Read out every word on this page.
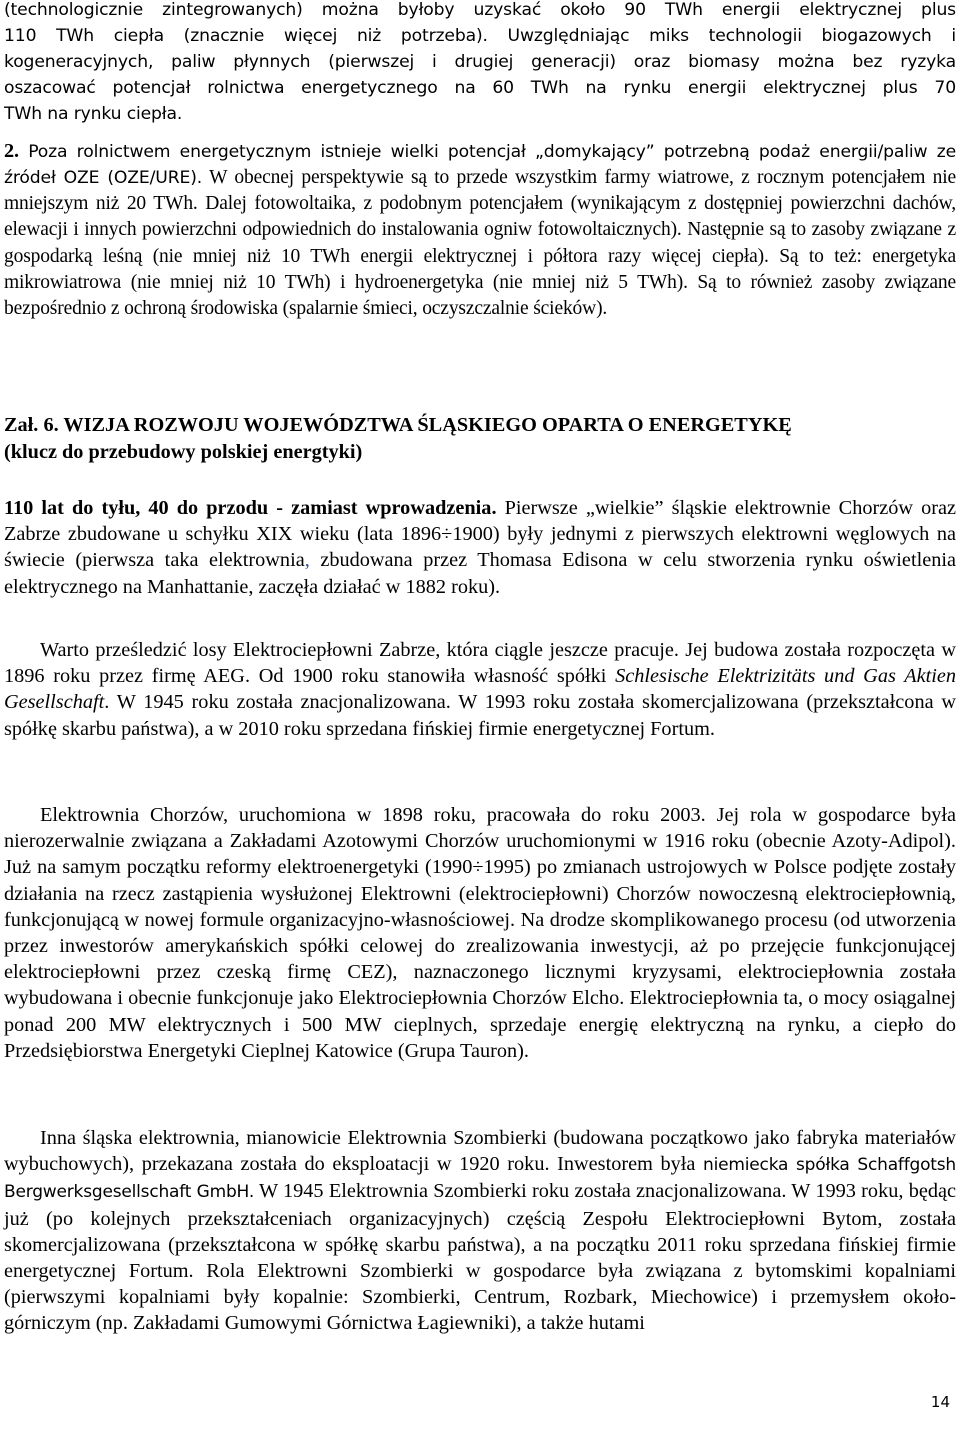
(technologicznie zintegrowanych) można byłoby uzyskać około 90 TWh energii elektrycznej plus

110 TWh ciepła (znacznie więcej niż potrzeba). Uwzględniając miks technologii biogazowych i

kogeneracyjnych, paliw płynnych (pierwszej i drugiej generacji) oraz biomasy można bez ryzyka

oszacować potencjał rolnictwa energetycznego na 60 TWh na rynku energii elektrycznej plus 70

TWh na rynku ciepła.

2. Poza rolnictwem energetycznym istnieje wielki potencjał „domykający” potrzebną podaż energii/paliw ze źródeł OZE (OZE/URE). W obecnej perspektywie są to przede wszystkim farmy wiatrowe, z rocznym potencjałem nie mniejszym niż 20 TWh. Dalej fotowoltaika, z podobnym potencjałem (wynikającym z dostępniej powierzchni dachów, elewacji i innych powierzchni odpowiednich do instalowania ogniw fotowoltaicznych). Następnie są to zasoby związane z gospodarką leśną (nie mniej niż 10 TWh energii elektrycznej i półtora razy więcej ciepła). Są to też: energetyka mikrowiatrowa (nie mniej niż 10 TWh) i hydroenergetyka (nie mniej niż 5 TWh). Są to również zasoby związane bezpośrednio z ochroną środowiska (spalarnie śmieci, oczyszczalnie ścieków).

Zał. 6. WIZJA ROZWOJU WOJEWÓDZTWA ŚLĄSKIEGO OPARTA O ENERGETYKĘ
(klucz do przebudowy polskiej energtyki)

110 lat do tyłu, 40 do przodu - zamiast wprowadzenia. Pierwsze „wielkie” śląskie elektrownie Chorzów oraz Zabrze zbudowane u schyłku XIX wieku (lata 1896÷1900) były jednymi z pierwszych elektrowni węglowych na świecie (pierwsza taka elektrownia, zbudowana przez Thomasa Edisona w celu stworzenia rynku oświetlenia elektrycznego na Manhattanie, zaczęła działać w 1882 roku).

Warto prześledzić losy Elektrociepłowni Zabrze, która ciągle jeszcze pracuje. Jej budowa została rozpoczęta w 1896 roku przez firmę AEG. Od 1900 roku stanowiła własność spółki Schlesische Elektrizitäts und Gas Aktien Gesellschaft. W 1945 roku została znacjonalizowana. W 1993 roku została skomercjalizowana (przekształcona w spółkę skarbu państwa), a w 2010 roku sprzedana fińskiej firmie energetycznej Fortum.

Elektrownia Chorzów, uruchomiona w 1898 roku, pracowała do roku 2003. Jej rola w gospodarce była nierozerwalnie związana a Zakładami Azotowymi Chorzów uruchomionymi w 1916 roku (obecnie Azoty-Adipol). Już na samym początku reformy elektroenergetyki (1990÷1995) po zmianach ustrojowych w Polsce podjęte zostały działania na rzecz zastąpienia wysłużonej Elektrowni (elektrociepłowni) Chorzów nowoczesną elektrociepłownią, funkcjonującą w nowej formule organizacyjno-własnościowej. Na drodze skomplikowanego procesu (od utworzenia przez inwestorów amerykańskich spółki celowej do zrealizowania inwestycji, aż po przejęcie funkcjonującej elektrociepłowni przez czeską firmę CEZ), naznaczonego licznymi kryzysami, elektrociepłownia została wybudowana i obecnie funkcjonuje jako Elektrociepłownia Chorzów Elcho. Elektrociepłownia ta, o mocy osiągalnej ponad 200 MW elektrycznych i 500 MW cieplnych, sprzedaje energię elektryczną na rynku, a ciepło do Przedsiębiorstwa Energetyki Cieplnej Katowice (Grupa Tauron).

Inna śląska elektrownia, mianowicie Elektrownia Szombierki (budowana początkowo jako fabryka materiałów wybuchowych), przekazana została do eksploatacji w 1920 roku. Inwestorem była niemiecka spółka Schaffgotsh Bergwerksgesellschaft GmbH. W 1945 Elektrownia Szombierki roku została znacjonalizowana. W 1993 roku, będąc już (po kolejnych przekształceniach organizacyjnych) częścią Zespołu Elektrociepłowni Bytom, została skomercjalizowana (przekształcona w spółkę skarbu państwa), a na początku 2011 roku sprzedana fińskiej firmie energetycznej Fortum. Rola Elektrowni Szombierki w gospodarce była związana z bytomskimi kopalniami (pierwszymi kopalniami były kopalnie: Szombierki, Centrum, Rozbark, Miechowice) i przemysłem około-górniczym (np. Zakładami Gumowymi Górnictwa Łagiewniki), a także hutami

14
